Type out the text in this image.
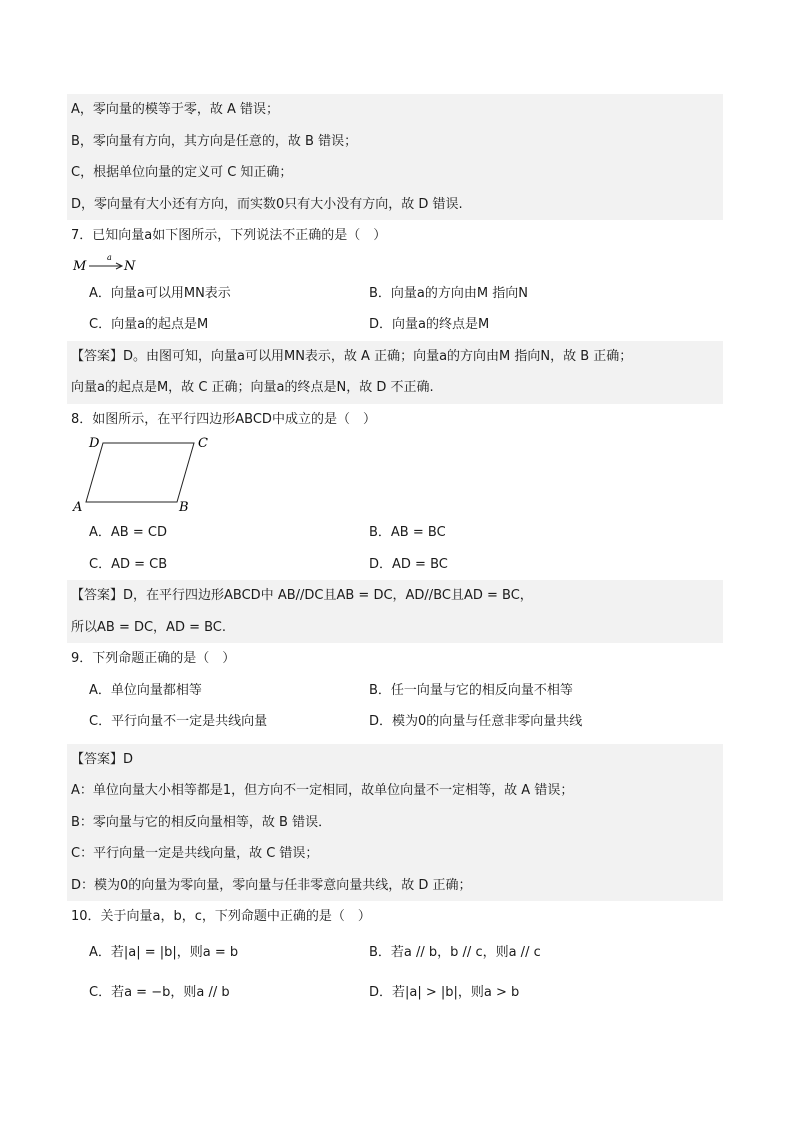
A，零向量的模等于零，故 A 错误；
B，零向量有方向，其方向是任意的，故 B 错误；
C，根据单位向量的定义可 C 知正确；
D，零向量有大小还有方向，而实数0只有大小没有方向，故 D 错误.
7．已知向量a如下图所示，下列说法不正确的是（　）
M
a
N
A．向量a可以用MN表示	B．向量a的方向由M 指向N
C．向量a的起点是M	D．向量a的终点是M
【答案】D。由图可知，向量a可以用MN表示，故 A 正确；向量a的方向由M 指向N，故 B 正确；
向量a的起点是M，故 C 正确；向量a的终点是N，故 D 不正确.
8．如图所示，在平行四边形ABCD中成立的是（　）
A	B
C
D
A．AB = CD	B．AB = BC
C．AD = CB	D．AD = BC
【答案】D，在平行四边形ABCD中 AB//DC且AB = DC，AD//BC且AD = BC，
所以AB = DC，AD = BC.
9．下列命题正确的是（　）
A．单位向量都相等	B．任一向量与它的相反向量不相等
C．平行向量不一定是共线向量	D．模为0的向量与任意非零向量共线
【答案】D
A：单位向量大小相等都是1，但方向不一定相同，故单位向量不一定相等，故 A 错误；
B：零向量与它的相反向量相等，故 B 错误．
C：平行向量一定是共线向量，故 C 错误；
D：模为0的向量为零向量，零向量与任非零意向量共线，故 D 正确；
10．关于向量a，b，c，下列命题中正确的是（　）
A．若|a| = |b|，则a = b	B．若a // b，b // c，则a // c
C．若a = −b，则a // b	D．若|a| > |b|，则a > b
